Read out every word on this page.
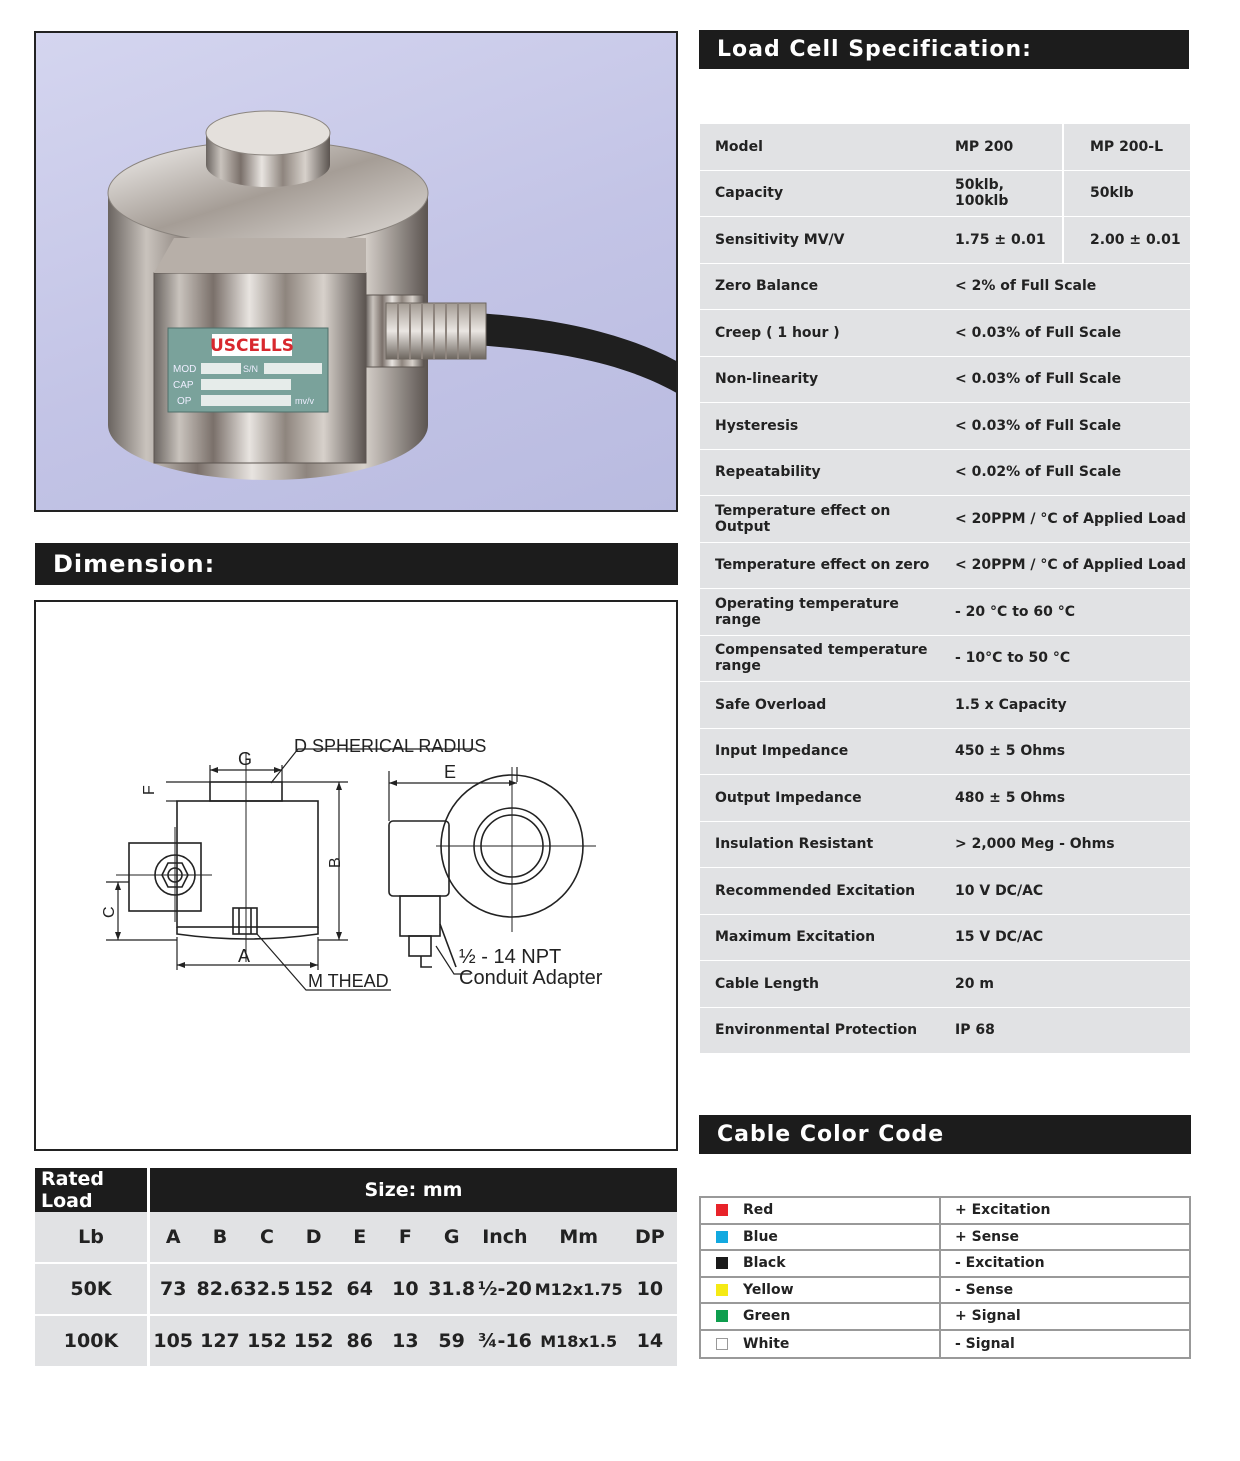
USCELLS
MOD	S/N
CAP
OP	mv/v
Dimension:
D SPHERICAL RADIUS
G
F
B
C
A
E
M THEAD
½ - 14 NPT
Conduit Adapter
Rated Load	Size: mm									
Lb	A	B	C	D	E	F	G	Inch	Mm	DP
50K	73	82.6	32.5	152	64	10	31.8	½-20	M12x1.75	10
100K	105	127	152	152	86	13	59	¾-16	M18x1.5	14
Load Cell Specification:
Model	MP 200	MP 200-L
Capacity	50klb, 100klb	50klb
Sensitivity MV/V	1.75 ± 0.01	2.00 ± 0.01
Zero Balance	< 2% of Full Scale
Creep ( 1 hour )	< 0.03% of Full Scale
Non-linearity	< 0.03% of Full Scale
Hysteresis	< 0.03% of Full Scale
Repeatability	< 0.02% of Full Scale
Temperature effect on Output	< 20PPM / °C of Applied Load
Temperature effect on zero	< 20PPM / °C of Applied Load
Operating temperature range	- 20 °C to 60 °C
Compensated temperature range	- 10°C to 50 °C
Safe Overload	1.5 x Capacity
Input Impedance	450 ± 5 Ohms
Output Impedance	480 ± 5 Ohms
Insulation Resistant	> 2,000 Meg - Ohms
Recommended Excitation	10 V DC/AC
Maximum Excitation	15 V DC/AC
Cable Length	20 m
Environmental Protection	IP 68
Cable Color Code
Red	+ Excitation
Blue	+ Sense
Black	- Excitation
Yellow	- Sense
Green	+ Signal
White	- Signal
